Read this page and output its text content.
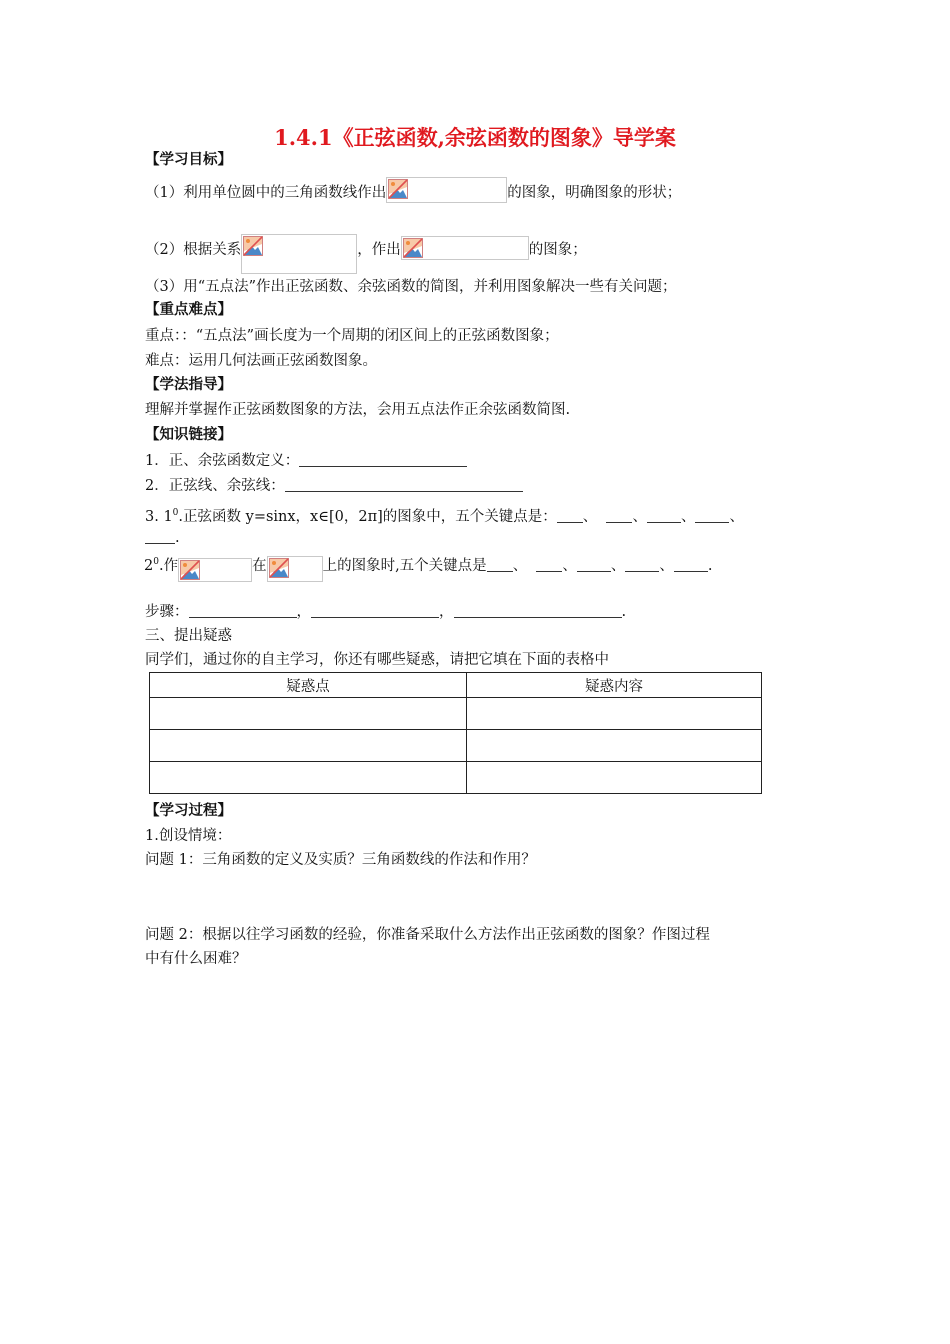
1.4.1《正弦函数,余弦函数的图象》导学案
【学习目标】
（1）利用单位圆中的三角函数线作出	的图象，明确图象的形状；
（2）根据关系	，作出	的图象；
（3）用“五点法”作出正弦函数、余弦函数的简图，并利用图象解决一些有关问题；
【重点难点】
重点：：“五点法”画长度为一个周期的闭区间上的正弦函数图象；
难点：运用几何法画正弦函数图象。
【学法指导】
理解并掌握作正弦函数图象的方法，会用五点法作正余弦函数简图.
【知识链接】
1．正、余弦函数定义：
2．正弦线、余弦线：
3. $1^0$.正弦函数 y=sinx，x∈[0，2π]的图象中，五个关键点是： 、 、 、 、
.
$2^0$.作	在	上的图象时,五个关键点是 、 、 、 、 .
步骤：	，	，	.
三、提出疑惑
同学们，通过你的自主学习，你还有哪些疑惑，请把它填在下面的表格中
疑惑点	疑惑内容

【学习过程】
1.创设情境：
问题 1：三角函数的定义及实质？三角函数线的作法和作用？
问题 2：根据以往学习函数的经验，你准备采取什么方法作出正弦函数的图象？作图过程
中有什么困难？
